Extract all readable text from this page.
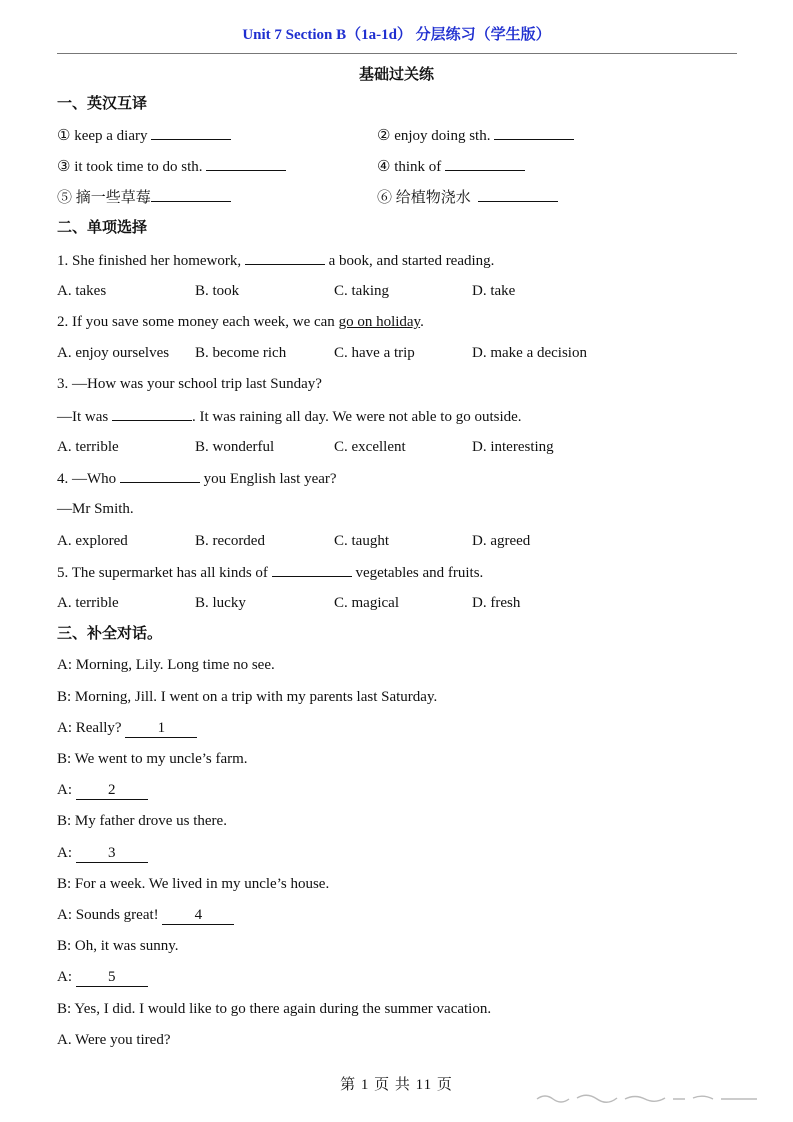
Unit 7 Section B（1a-1d） 分层练习（学生版）
基础过关练
一、英汉互译
① keep a diary	② enjoy doing sth.
③ it took time to do sth.	④ think of
⑤ 摘一些草莓	⑥ 给植物浇水
二、单项选择
1. She finished her homework,	a book, and started reading.
A. takes	B. took	C. taking	D. take
2. If you save some money each week, we can go on holiday.
A. enjoy ourselves B. become rich	C. have a trip	D. make a decision
3. —How was your school trip last Sunday?
—It was	. It was raining all day. We were not able to go outside.
A. terrible	B. wonderful	C. excellent	D. interesting
4. —Who	you English last year?
—Mr Smith.
A. explored	B. recorded	C. taught	D. agreed
5. The supermarket has all kinds of	vegetables and fruits.
A. terrible	B. lucky	C. magical	D. fresh
三、补全对话。
A: Morning, Lily. Long time no see.
B: Morning, Jill. I went on a trip with my parents last Saturday.
A: Really? 1
B: We went to my uncle’s farm.
A: 2
B: My father drove us there.
A: 3
B: For a week. We lived in my uncle’s house.
A: Sounds great! 4
B: Oh, it was sunny.
A: 5
B: Yes, I did. I would like to go there again during the summer vacation.
A. Were you tired?
第 1 页 共 11 页
